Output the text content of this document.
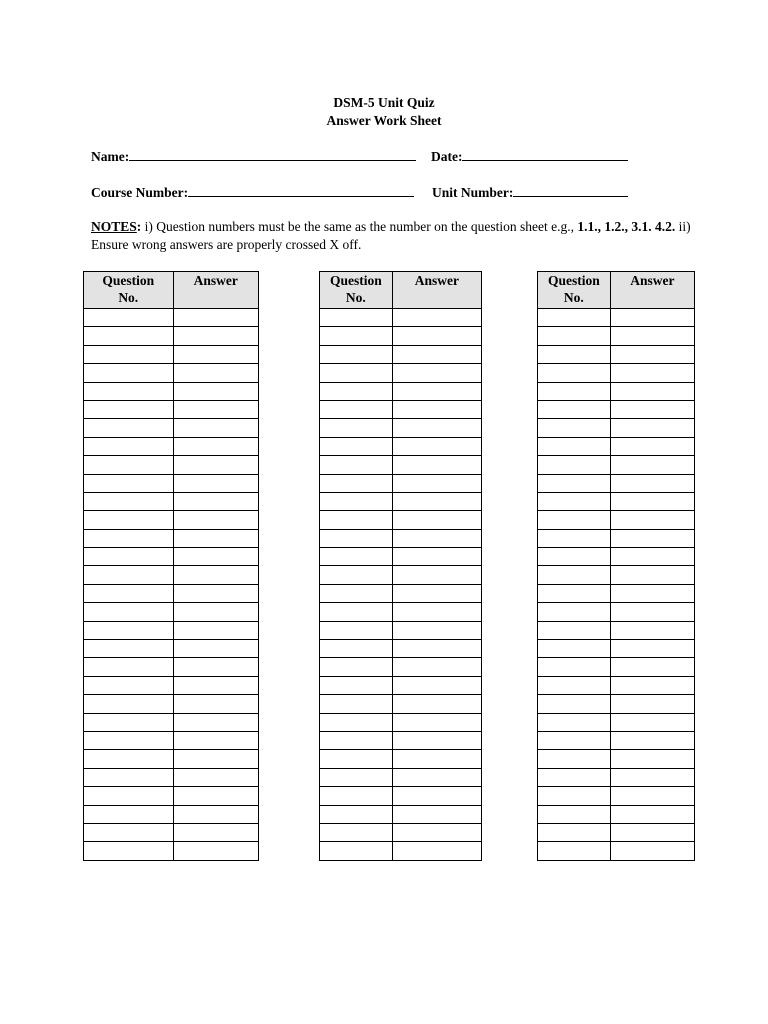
DSM-5 Unit Quiz
Answer Work Sheet
Name:	Date:
Course Number:	Unit Number:
NOTES: i) Question numbers must be the same as the number on the question sheet e.g., 1.1., 1.2., 3.1. 4.2. ii) Ensure wrong answers are properly crossed X off.
Question
No.	Answer

		Question
No.	Answer

		Question
No.	Answer
